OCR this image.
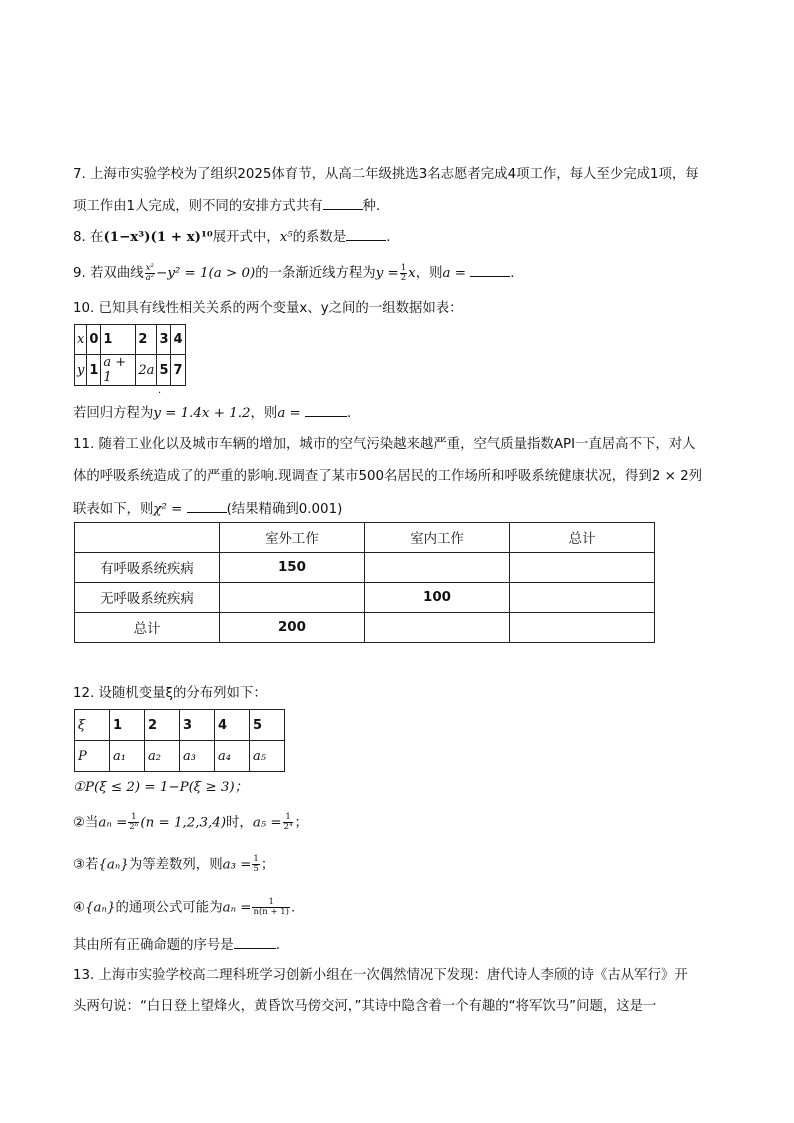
7. 上海市实验学校为了组织2025体育节，从高二年级挑选3名志愿者完成4项工作，每人至少完成1项，每
项工作由1人完成，则不同的安排方式共有	种.
8. 在(1−x³)(1 + x)¹⁰展开式中，x⁵的系数是	.
9. 若双曲线 $\frac{\text{x²}}{\text{a²}} -y^2 = 1(a > 0)$的一条渐近线方程为$y = \frac{1}{2}$ x，则a =	.
10. 已知具有线性相关关系的两个变量x、y之间的一组数据如表：
x	0	1	2	3	4
y	1	a + 1	2a	5	7
·
若回归方程为y = 1.4x + 1.2，则a =	.
11. 随着工业化以及城市车辆的增加，城市的空气污染越来越严重，空气质量指数API一直居高不下，对人
体的呼吸系统造成了的严重的影响.现调查了某市500名居民的工作场所和呼吸系统健康状况，得到2 × 2列
联表如下，则χ² =	(结果精确到0.001)
	室外工作	室内工作	总计
有呼吸系统疾病	150		
无呼吸系统疾病		100	
总计	200		
12. 设随机变量ξ的分布列如下：
ξ	1	2	3	4	5
P	a₁	a₂	a₃	a₄	a₅
①P(ξ ≤ 2) = 1−P(ξ ≥ 3)；
②当$a_n = \frac{1}{\text{2ⁿ}} (n = 1,2,3,4)$时，$a_5 = \frac{1}{\text{2⁴}}$ ；
③若{aₙ}为等差数列，则$a_3 = \frac{1}{5}$ ；
④{aₙ}的通项公式可能为$a_n = \frac{1}{n(n + 1)}$ .
其由所有正确命题的序号是	.
13. 上海市实验学校高二理科班学习创新小组在一次偶然情况下发现：唐代诗人李颀的诗《古从军行》开
头两句说：“白日登上望烽火，黄昏饮马傍交河，”其诗中隐含着一个有趣的“将军饮马”问题，这是一
